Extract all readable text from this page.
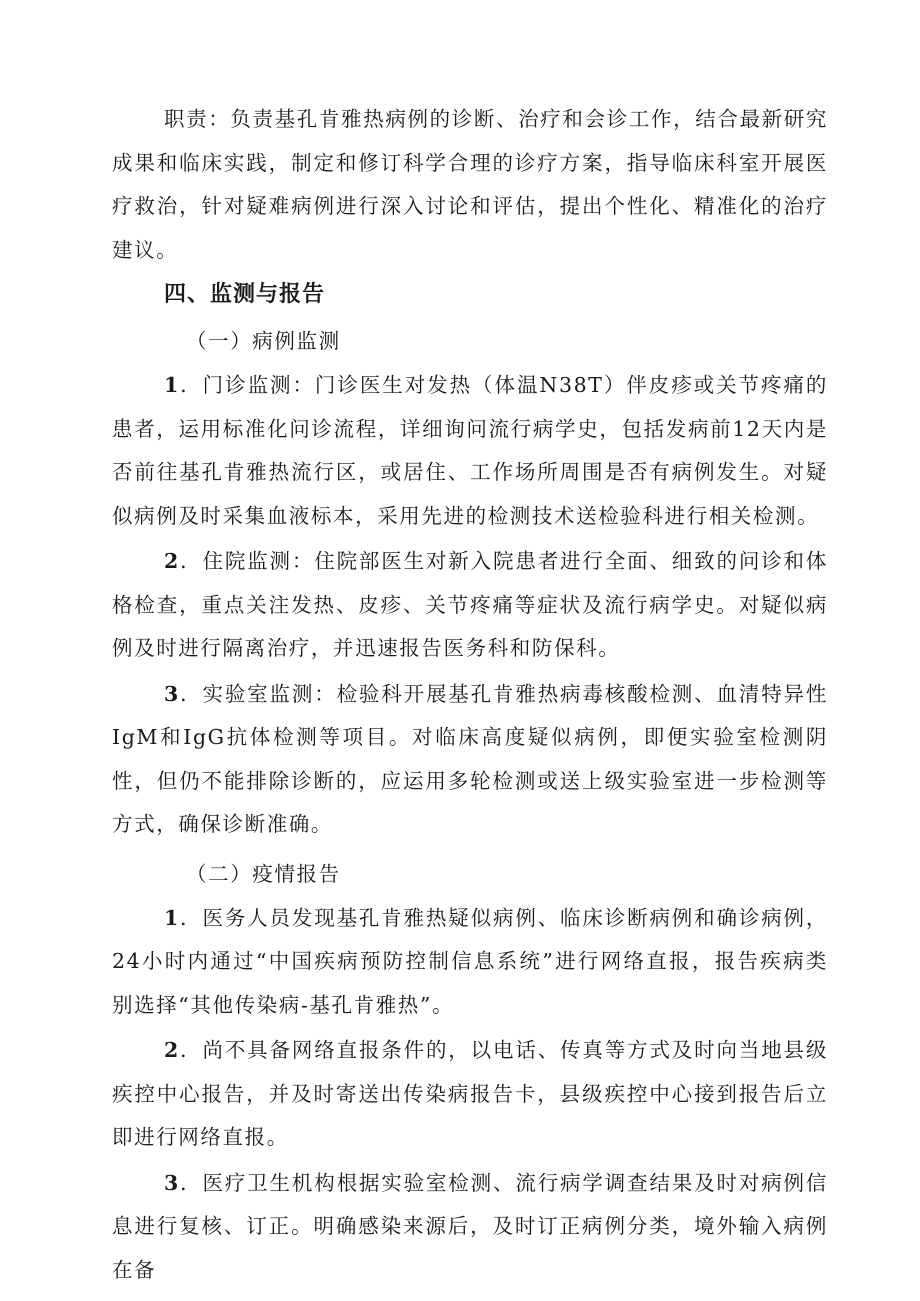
职责：负责基孔肯雅热病例的诊断、治疗和会诊工作，结合最新研究成果和临床实践，制定和修订科学合理的诊疗方案，指导临床科室开展医疗救治，针对疑难病例进行深入讨论和评估，提出个性化、精准化的治疗建议。

四、监测与报告
（一）病例监测

1．门诊监测：门诊医生对发热（体温N38T）伴皮疹或关节疼痛的患者，运用标准化问诊流程，详细询问流行病学史，包括发病前12天内是否前往基孔肯雅热流行区，或居住、工作场所周围是否有病例发生。对疑似病例及时采集血液标本，采用先进的检测技术送检验科进行相关检测。

2．住院监测：住院部医生对新入院患者进行全面、细致的问诊和体格检查，重点关注发热、皮疹、关节疼痛等症状及流行病学史。对疑似病例及时进行隔离治疗，并迅速报告医务科和防保科。

3．实验室监测：检验科开展基孔肯雅热病毒核酸检测、血清特异性IgM和IgG抗体检测等项目。对临床高度疑似病例，即便实验室检测阴性，但仍不能排除诊断的，应运用多轮检测或送上级实验室进一步检测等方式，确保诊断准确。

（二）疫情报告

1．医务人员发现基孔肯雅热疑似病例、临床诊断病例和确诊病例，24小时内通过“中国疾病预防控制信息系统”进行网络直报，报告疾病类别选择“其他传染病-基孔肯雅热”。

2．尚不具备网络直报条件的，以电话、传真等方式及时向当地县级疾控中心报告，并及时寄送出传染病报告卡，县级疾控中心接到报告后立即进行网络直报。

3．医疗卫生机构根据实验室检测、流行病学调查结果及时对病例信息进行复核、订正。明确感染来源后，及时订正病例分类，境外输入病例在备
